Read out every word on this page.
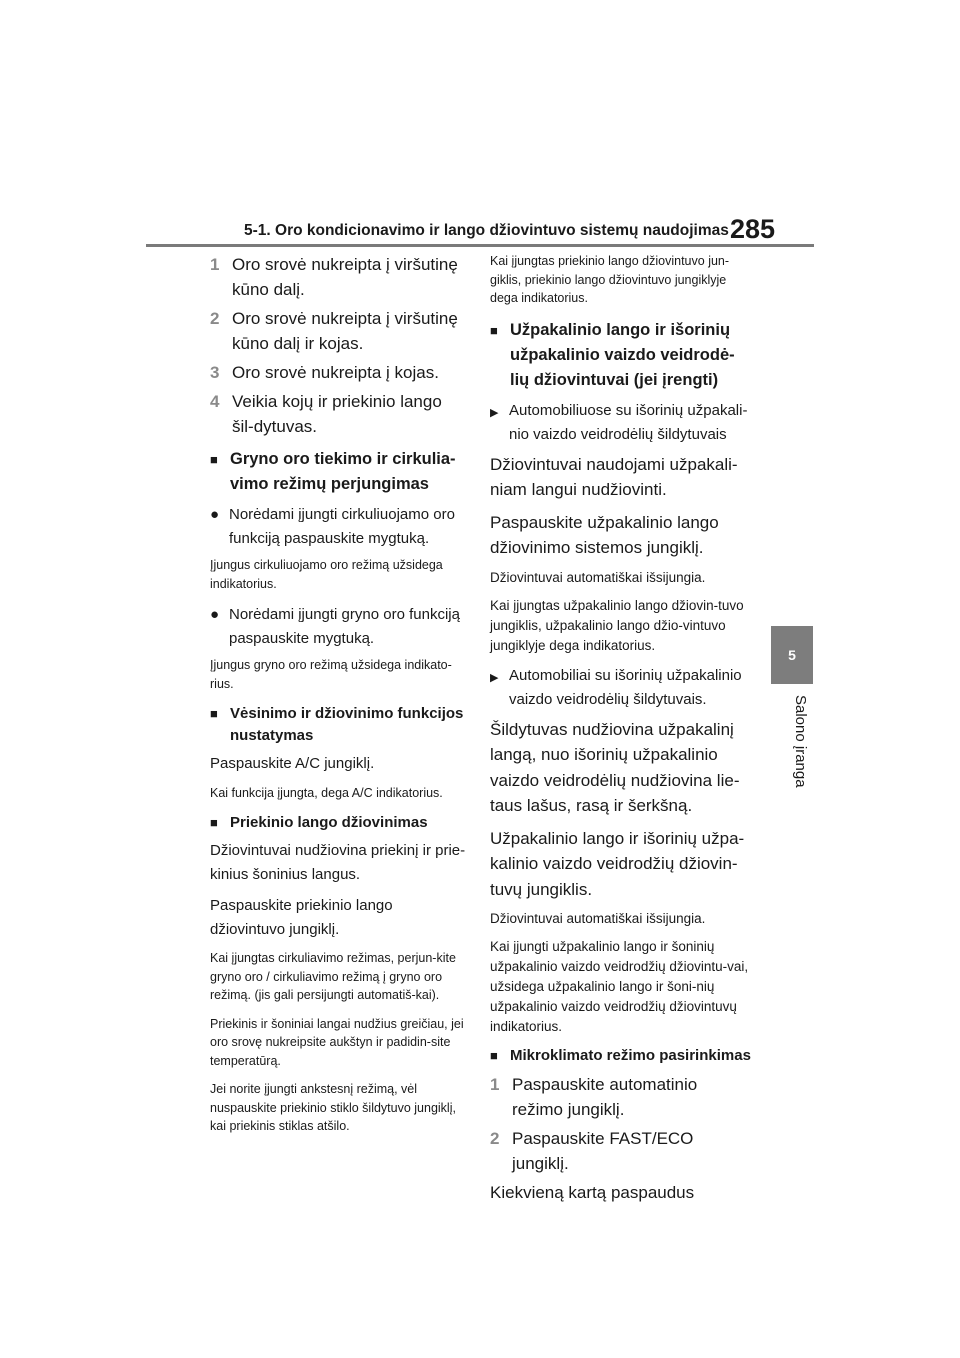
5-1. Oro kondicionavimo ir lango džiovintuvo sistemų naudojimas 285
5
Salono įranga
1 Oro srovė nukreipta į viršutinę kūno dalį.
2 Oro srovė nukreipta į viršutinę kūno dalį ir kojas.
3 Oro srovė nukreipta į kojas.
4 Veikia kojų ir priekinio lango šil-dytuvas.
■ Gryno oro tiekimo ir cirkulia-vimo režimų perjungimas
● Norėdami įjungti cirkuliuojamo oro funkciją paspauskite mygtuką.

Įjungus cirkuliuojamo oro režimą užsidega indikatorius.

● Norėdami įjungti gryno oro funkciją paspauskite mygtuką.

Įjungus gryno oro režimą užsidega indikato-rius.

■ Vėsinimo ir džiovinimo funkcijos nustatymas

Paspauskite A/C jungiklį.

Kai funkcija įjungta, dega A/C indikatorius.

■ Priekinio lango džiovinimas

Džiovintuvai nudžiovina priekinį ir prie-kinius šoninius langus.

Paspauskite priekinio lango džiovintuvo jungiklį.

Kai įjungtas cirkuliavimo režimas, perjun-kite gryno oro / cirkuliavimo režimą į gryno oro režimą. (jis gali persijungti automatiš-kai).

Priekinis ir šoniniai langai nudžius greičiau, jei oro srovę nukreipsite aukštyn ir padidin-site temperatūrą.

Jei norite įjungti ankstesnį režimą, vėl nuspauskite priekinio stiklo šildytuvo jungiklį, kai priekinis stiklas atšilo.

Kai įjungtas priekinio lango džiovintuvo jun-giklis, priekinio lango džiovintuvo jungiklyje dega indikatorius.

■ Užpakalinio lango ir išorinių užpakalinio vaizdo veidrodė-lių džiovintuvai (jei įrengti)
▶ Automobiliuose su išorinių užpakali-nio vaizdo veidrodėlių šildytuvais

Džiovintuvai naudojami užpakali-niam langui nudžiovinti.

Paspauskite užpakalinio lango džiovinimo sistemos jungiklį.

Džiovintuvai automatiškai išsijungia.

Kai įjungtas užpakalinio lango džiovin-tuvo jungiklis, užpakalinio lango džio-vintuvo jungiklyje dega indikatorius.

▶ Automobiliai su išorinių užpakalinio vaizdo veidrodėlių šildytuvais.

Šildytuvas nudžiovina užpakalinį langą, nuo išorinių užpakalinio vaizdo veidrodėlių nudžiovina lie-taus lašus, rasą ir šerkšną.

Užpakalinio lango ir išorinių užpa-kalinio vaizdo veidrodžių džiovin-tuvų jungiklis.

Džiovintuvai automatiškai išsijungia.

Kai įjungti užpakalinio lango ir šoninių užpakalinio vaizdo veidrodžių džiovintu-vai, užsidega užpakalinio lango ir šoni-nių užpakalinio vaizdo veidrodžių džiovintuvų indikatorius.

■ Mikroklimato režimo pasirinkimas
1 Paspauskite automatinio režimo jungiklį.
2 Paspauskite FAST/ECO jungiklį.

Kiekvieną kartą paspaudus
